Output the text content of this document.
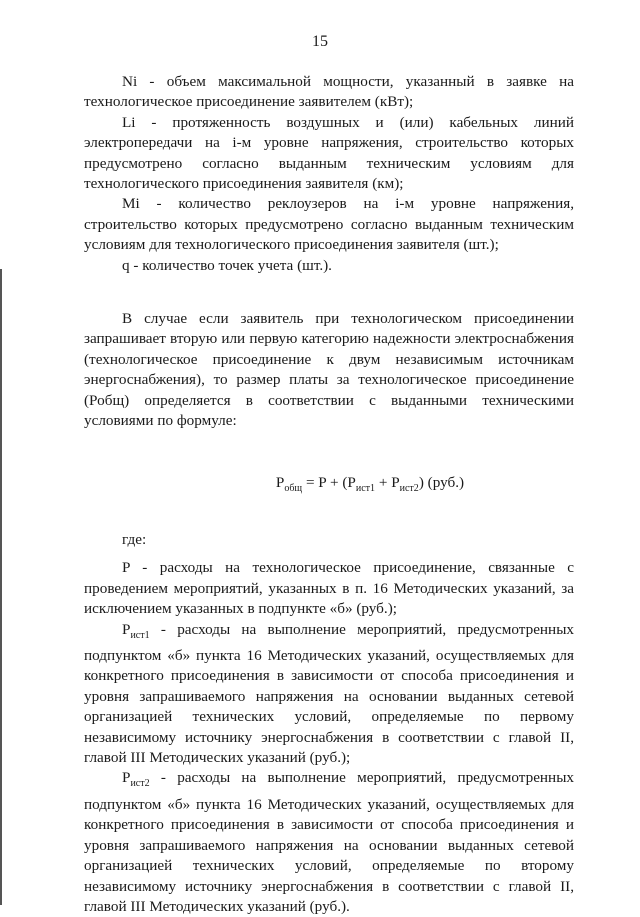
15

Ni - объем максимальной мощности, указанный в заявке на технологическое присоединение заявителем (кВт);

Li - протяженность воздушных и (или) кабельных линий электропередачи на i-м уровне напряжения, строительство которых предусмотрено согласно выданным техническим условиям для технологического присоединения заявителя (км);

Mi - количество реклоузеров на i-м уровне напряжения, строительство которых предусмотрено согласно выданным техническим условиям для технологического присоединения заявителя (шт.);

q - количество точек учета (шт.).

В случае если заявитель при технологическом присоединении запрашивает вторую или первую категорию надежности электроснабжения (технологическое присоединение к двум независимым источникам энергоснабжения), то размер платы за технологическое присоединение (Робщ) определяется в соответствии с выданными техническими условиями по формуле:

$P_{общ} = P + (P_{ист1} + P_{ист2})$ (руб.)

где:

P - расходы на технологическое присоединение, связанные с проведением мероприятий, указанных в п. 16 Методических указаний, за исключением указанных в подпункте «б» (руб.);

$P_{ист1}$ - расходы на выполнение мероприятий, предусмотренных подпунктом «б» пункта 16 Методических указаний, осуществляемых для конкретного присоединения в зависимости от способа присоединения и уровня запрашиваемого напряжения на основании выданных сетевой организацией технических условий, определяемые по первому независимому источнику энергоснабжения в соответствии с главой II, главой III Методических указаний (руб.);

$P_{ист2}$ - расходы на выполнение мероприятий, предусмотренных подпунктом «б» пункта 16 Методических указаний, осуществляемых для конкретного присоединения в зависимости от способа присоединения и уровня запрашиваемого напряжения на основании выданных сетевой организацией технических условий, определяемые по второму независимому источнику энергоснабжения в соответствии с главой II, главой III Методических указаний (руб.).
